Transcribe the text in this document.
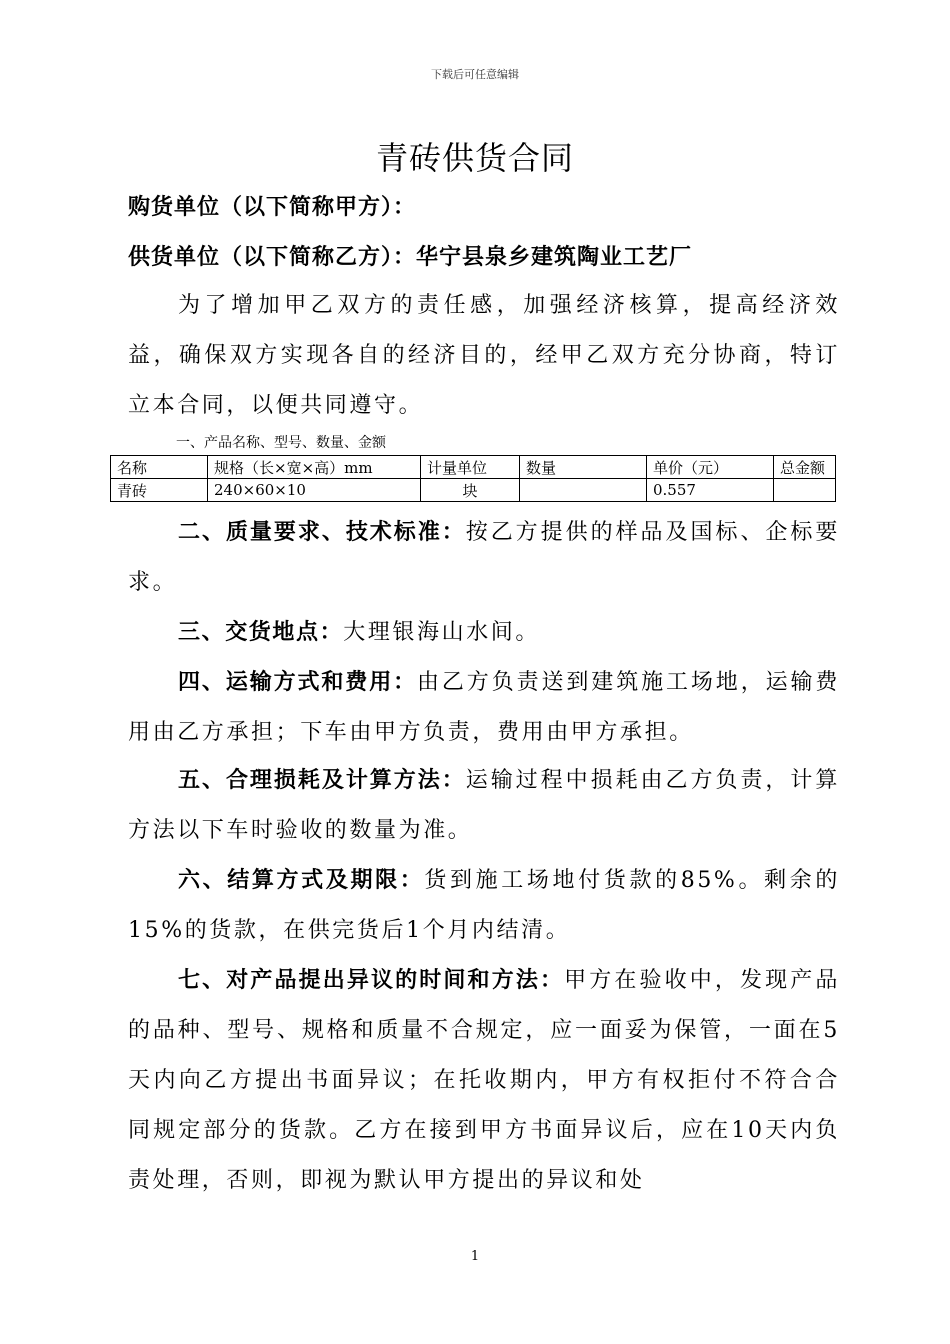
下载后可任意编辑
青砖供货合同
购货单位（以下简称甲方）：
供货单位（以下简称乙方）：华宁县泉乡建筑陶业工艺厂
为了增加甲乙双方的责任感，加强经济核算，提高经济效益，确保双方实现各自的经济目的，经甲乙双方充分协商，特订立本合同，以便共同遵守。
一、产品名称、型号、数量、金额
名称	规格（长×宽×高）mm	计量单位	数量	单价（元）	总金额
青砖	240×60×10	块		0.557	
二、质量要求、技术标准：按乙方提供的样品及国标、企标要求。
三、交货地点：大理银海山水间。
四、运输方式和费用：由乙方负责送到建筑施工场地，运输费用由乙方承担；下车由甲方负责，费用由甲方承担。
五、合理损耗及计算方法：运输过程中损耗由乙方负责，计算方法以下车时验收的数量为准。
六、结算方式及期限：货到施工场地付货款的85%。剩余的15%的货款，在供完货后1个月内结清。
七、对产品提出异议的时间和方法：甲方在验收中，发现产品的品种、型号、规格和质量不合规定，应一面妥为保管，一面在5天内向乙方提出书面异议；在托收期内，甲方有权拒付不符合合同规定部分的货款。乙方在接到甲方书面异议后，应在10天内负责处理，否则，即视为默认甲方提出的异议和处
1
